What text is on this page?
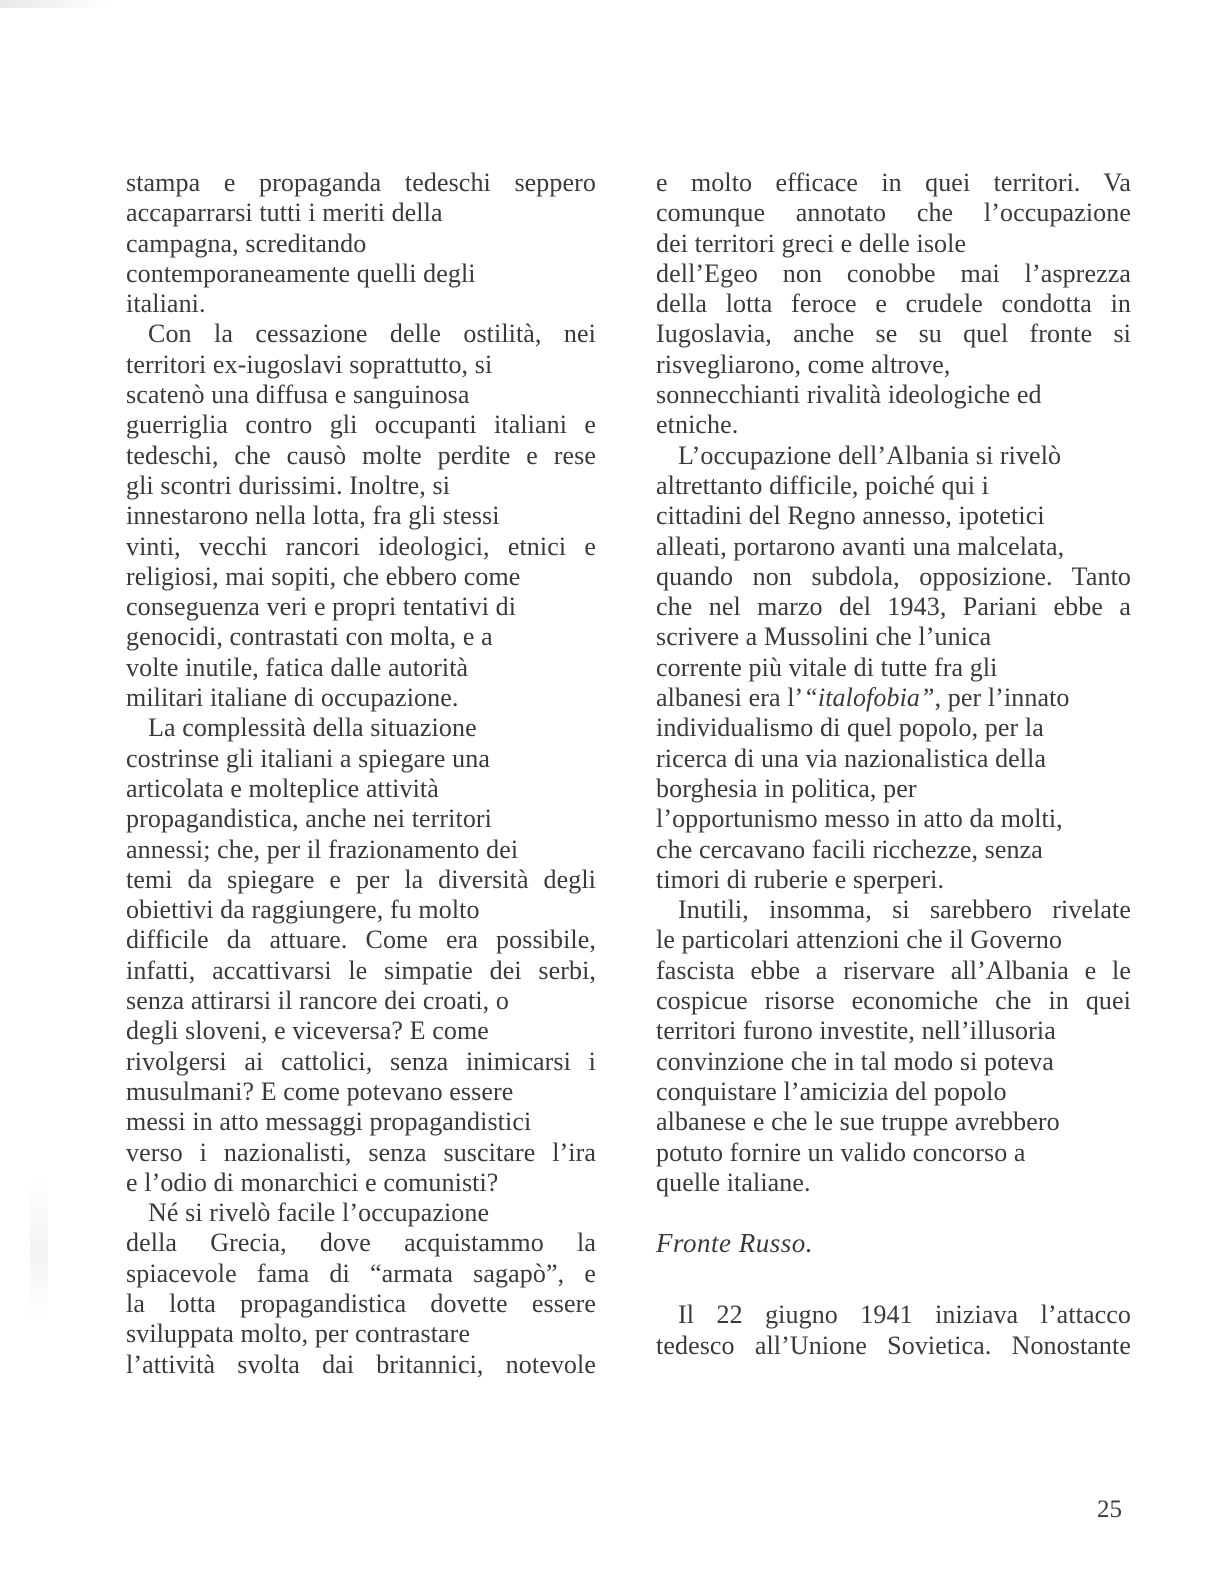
stampa e propaganda tedeschi seppero
accaparrarsi tutti i meriti della
campagna, screditando
contemporaneamente quelli degli
italiani.
Con la cessazione delle ostilità, nei
territori ex-iugoslavi soprattutto, si
scatenò una diffusa e sanguinosa
guerriglia contro gli occupanti italiani e
tedeschi, che causò molte perdite e rese
gli scontri durissimi. Inoltre, si
innestarono nella lotta, fra gli stessi
vinti, vecchi rancori ideologici, etnici e
religiosi, mai sopiti, che ebbero come
conseguenza veri e propri tentativi di
genocidi, contrastati con molta, e a
volte inutile, fatica dalle autorità
militari italiane di occupazione.
La complessità della situazione
costrinse gli italiani a spiegare una
articolata e molteplice attività
propagandistica, anche nei territori
annessi; che, per il frazionamento dei
temi da spiegare e per la diversità degli
obiettivi da raggiungere, fu molto
difficile da attuare. Come era possibile,
infatti, accattivarsi le simpatie dei serbi,
senza attirarsi il rancore dei croati, o
degli sloveni, e viceversa? E come
rivolgersi ai cattolici, senza inimicarsi i
musulmani? E come potevano essere
messi in atto messaggi propagandistici
verso i nazionalisti, senza suscitare l’ira
e l’odio di monarchici e comunisti?
Né si rivelò facile l’occupazione
della Grecia, dove acquistammo la
spiacevole fama di “armata sagapò”, e
la lotta propagandistica dovette essere
sviluppata molto, per contrastare
l’attività svolta dai britannici, notevole
e molto efficace in quei territori. Va
comunque annotato che l’occupazione
dei territori greci e delle isole
dell’Egeo non conobbe mai l’asprezza
della lotta feroce e crudele condotta in
Iugoslavia, anche se su quel fronte si
risvegliarono, come altrove,
sonnecchianti rivalità ideologiche ed
etniche.
L’occupazione dell’Albania si rivelò
altrettanto difficile, poiché qui i
cittadini del Regno annesso, ipotetici
alleati, portarono avanti una malcelata,
quando non subdola, opposizione. Tanto
che nel marzo del 1943, Pariani ebbe a
scrivere a Mussolini che l’unica
corrente più vitale di tutte fra gli
albanesi era l’“italofobia”, per l’innato
individualismo di quel popolo, per la
ricerca di una via nazionalistica della
borghesia in politica, per
l’opportunismo messo in atto da molti,
che cercavano facili ricchezze, senza
timori di ruberie e sperperi.
Inutili, insomma, si sarebbero rivelate
le particolari attenzioni che il Governo
fascista ebbe a riservare all’Albania e le
cospicue risorse economiche che in quei
territori furono investite, nell’illusoria
convinzione che in tal modo si poteva
conquistare l’amicizia del popolo
albanese e che le sue truppe avrebbero
potuto fornire un valido concorso a
quelle italiane.
Fronte Russo.
Il 22 giugno 1941 iniziava l’attacco
tedesco all’Unione Sovietica. Nonostante
25
